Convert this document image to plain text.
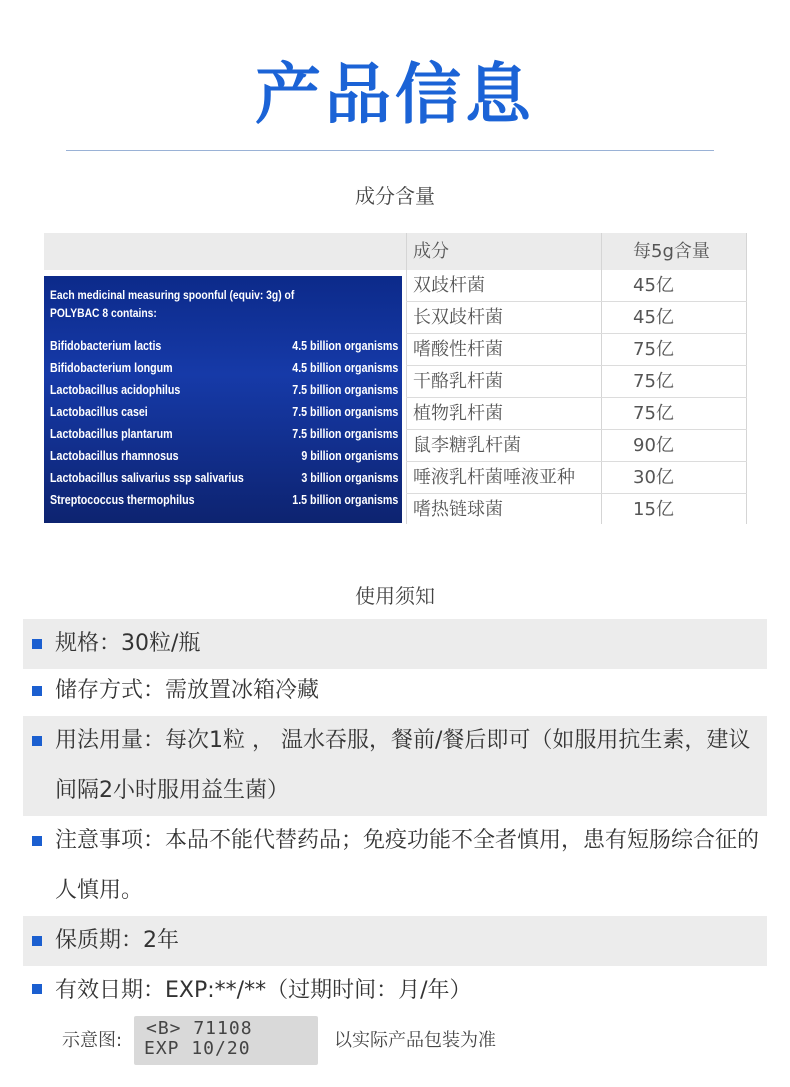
产品信息
成分含量
成分	每5g含量
双歧杆菌	45亿
长双歧杆菌	45亿
嗜酸性杆菌	75亿
干酪乳杆菌	75亿
植物乳杆菌	75亿
鼠李糖乳杆菌	90亿
唾液乳杆菌唾液亚种	30亿
嗜热链球菌	15亿
Each medicinal measuring spoonful (equiv: 3g) of POLYBAC 8 contains:
Bifidobacterium lactis	4.5 billion organisms
Bifidobacterium longum	4.5 billion organisms
Lactobacillus acidophilus	7.5 billion organisms
Lactobacillus casei	7.5 billion organisms
Lactobacillus plantarum	7.5 billion organisms
Lactobacillus rhamnosus	9 billion organisms
Lactobacillus salivarius ssp salivarius	3 billion organisms
Streptococcus thermophilus	1.5 billion organisms
使用须知
规格：30粒/瓶
储存方式：需放置冰箱冷藏
用法用量：每次1粒 ， 温水吞服，餐前/餐后即可（如服用抗生素，建议间隔2小时服用益生菌）
注意事项：本品不能代替药品；免疫功能不全者慎用，患有短肠综合征的人慎用。
保质期：2年
有效日期：EXP:**/**（过期时间：月/年）
示意图:
<B> 71108
EXP 10/20	以实际产品包装为准
